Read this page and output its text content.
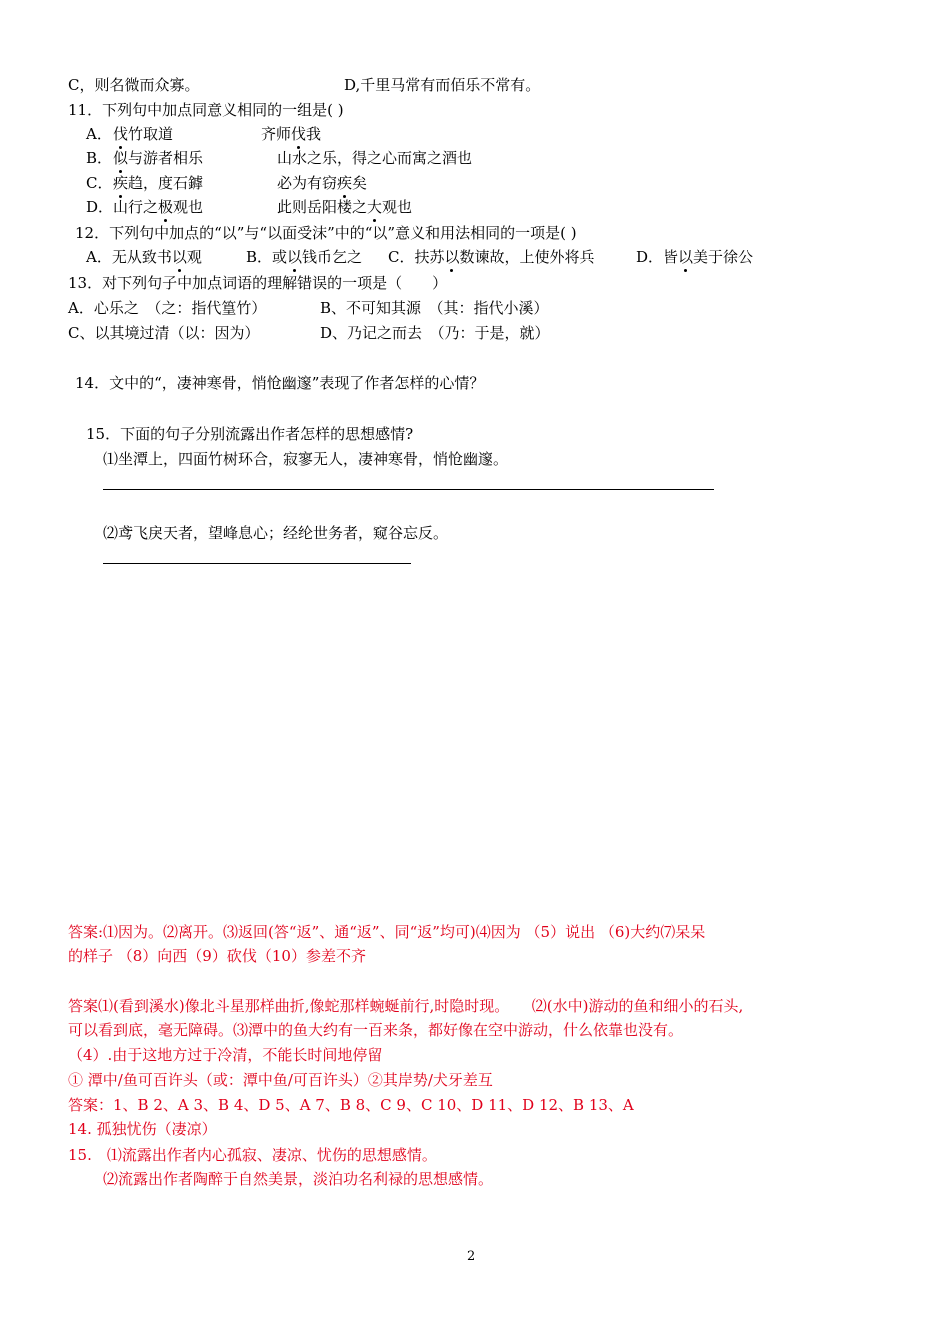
C，则名微而众寡。	D,千里马常有而佰乐不常有。
11．下列句中加点同意义相同的一组是( )
A． 伐竹取道	齐师伐我
B． 似与游者相乐	山水之乐，得之心而寓之酒也
C． 疾趋，度石鏬	必为有窃疾矣
D． 山行之极观也	此则岳阳楼之大观也
12．下列句中加点的“以”与“以面受沫”中的“以”意义和用法相同的一项是( )
A．无从致书以观	B．或以钱币乞之 C．扶苏以数谏故，上使外将兵	D．皆以美于徐公
13．对下列句子中加点词语的理解错误的一项是（　　）
A．心乐之　（之：指代篁竹）	B、不可知其源　（其：指代小溪）
C、以其境过清（以：因为）	D、乃记之而去　（乃：于是，就）
14．文中的“，凄神寒骨，悄怆幽邃”表现了作者怎样的心情？
15．下面的句子分别流露出作者怎样的思想感情?
⑴坐潭上，四面竹树环合，寂寥无人，凄神寒骨，悄怆幽邃。
⑵鸢飞戾天者，望峰息心；经纶世务者，窥谷忘反。
答案:⑴因为。⑵离开。⑶返回(答“返”、通“返”、同“返”均可)⑷因为 （5）说出 （6)大约⑺呆呆
的样子 （8）向西（9）砍伐（10）参差不齐
答案⑴(看到溪水)像北斗星那样曲折,像蛇那样蜿蜒前行,时隐时现。　　⑵(水中)游动的鱼和细小的石头,
可以看到底，毫无障碍。⑶潭中的鱼大约有一百来条，都好像在空中游动，什么依靠也没有。
（4）.由于这地方过于冷清，不能长时间地停留
① 潭中/鱼可百许头（或：潭中鱼/可百许头）②其岸势/犬牙差互
答案：1、B 2、A 3、B 4、D 5、A 7、B 8、C 9、C 10、D 11、D 12、B 13、A
14. 孤独忧伤（凄凉）
15.　⑴流露出作者内心孤寂、凄凉、忧伤的思想感情。
⑵流露出作者陶醉于自然美景，淡泊功名利禄的思想感情。
2
